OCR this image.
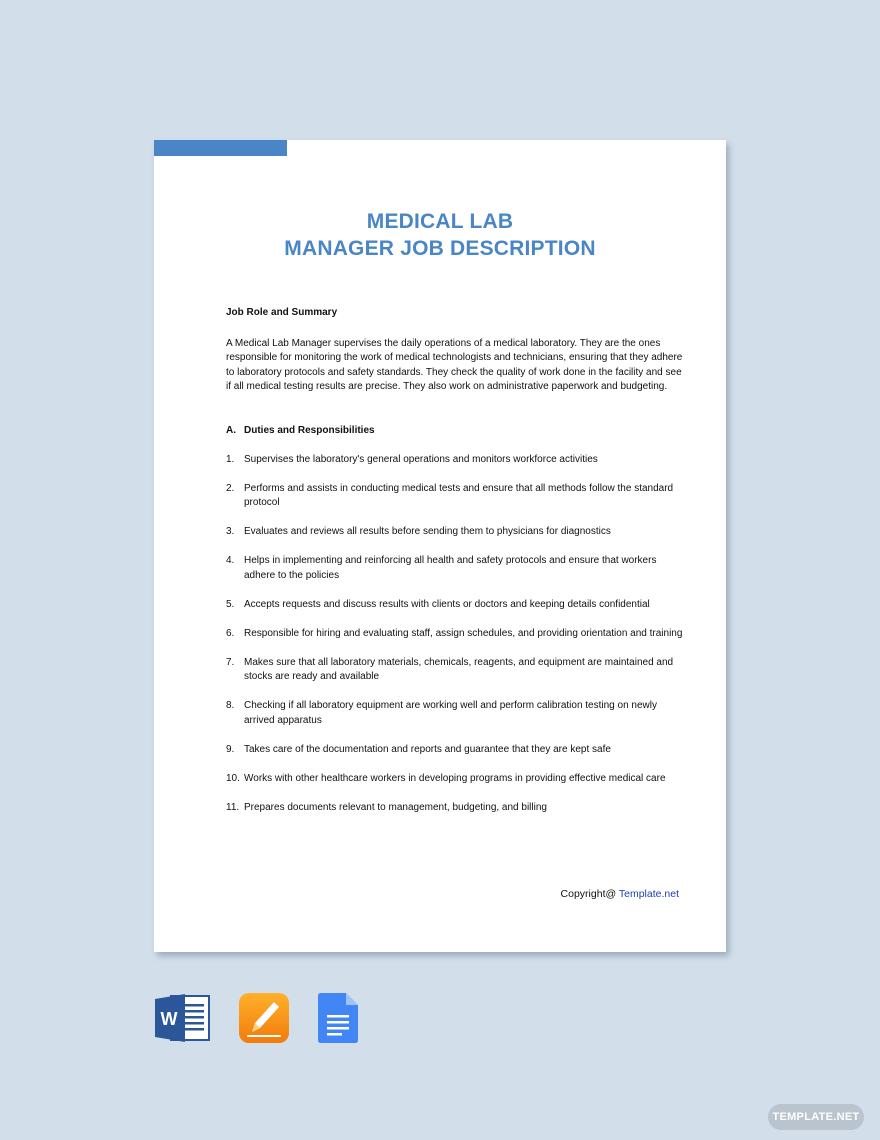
MEDICAL LAB
MANAGER JOB DESCRIPTION

Job Role and Summary

A Medical Lab Manager supervises the daily operations of a medical laboratory. They are the ones responsible for monitoring the work of medical technologists and technicians, ensuring that they adhere to laboratory protocols and safety standards. They check the quality of work done in the facility and see if all medical testing results are precise. They also work on administrative paperwork and budgeting.

A. Duties and Responsibilities
1. Supervises the laboratory's general operations and monitors workforce activities
2. Performs and assists in conducting medical tests and ensure that all methods follow the standard protocol
3. Evaluates and reviews all results before sending them to physicians for diagnostics
4. Helps in implementing and reinforcing all health and safety protocols and ensure that workers adhere to the policies
5. Accepts requests and discuss results with clients or doctors and keeping details confidential
6. Responsible for hiring and evaluating staff, assign schedules, and providing orientation and training
7. Makes sure that all laboratory materials, chemicals, reagents, and equipment are maintained and stocks are ready and available
8. Checking if all laboratory equipment are working well and perform calibration testing on newly arrived apparatus
9. Takes care of the documentation and reports and guarantee that they are kept safe
10. Works with other healthcare workers in developing programs in providing effective medical care
11. Prepares documents relevant to management, budgeting, and billing
Copyright@ Template.net
W
TEMPLATE.NET
